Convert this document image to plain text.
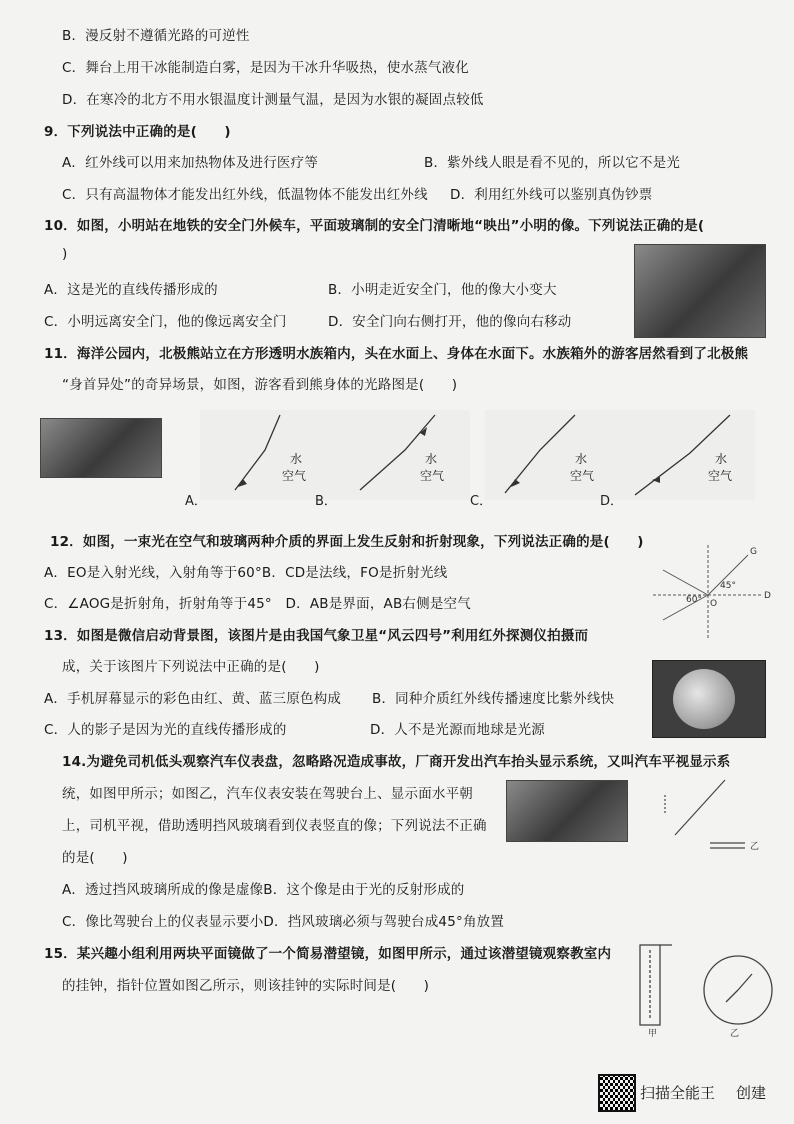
B．漫反射不遵循光路的可逆性
C．舞台上用干冰能制造白雾，是因为干冰升华吸热，使水蒸气液化
D．在寒冷的北方不用水银温度计测量气温，是因为水银的凝固点较低
9．下列说法中正确的是(　　)
A．红外线可以用来加热物体及进行医疗等	B．紫外线人眼是看不见的，所以它不是光
C．只有高温物体才能发出红外线，低温物体不能发出红外线 D．利用红外线可以鉴别真伪钞票
10．如图，小明站在地铁的安全门外候车，平面玻璃制的安全门清晰地“映出”小明的像。下列说法正确的是(
)
A．这是光的直线传播形成的	B．小明走近安全门，他的像大小变大
C．小明远离安全门，他的像远离安全门	D．安全门向右侧打开，他的像向右移动
11．海洋公园内，北极熊站立在方形透明水族箱内，头在水面上、身体在水面下。水族箱外的游客居然看到了北极熊
“身首异处”的奇异场景，如图，游客看到熊身体的光路图是(　　)
水
空气
水
空气
水
空气
水
空气
A．	B．	C．	D．
12．如图，一束光在空气和玻璃两种介质的界面上发生反射和折射现象，下列说法正确的是(　　)
A．EO是入射光线，入射角等于60°B．CD是法线，FO是折射光线
C．∠AOG是折射角，折射角等于45°　D．AB是界面，AB右侧是空气
G
D
O
45°
60°
13．如图是微信启动背景图，该图片是由我国气象卫星“风云四号”利用红外探测仪拍摄而
成，关于该图片下列说法中正确的是(　　)
A．手机屏幕显示的彩色由红、黄、蓝三原色构成 B．同种介质红外线传播速度比紫外线快
C．人的影子是因为光的直线传播形成的	D．人不是光源而地球是光源
14.为避免司机低头观察汽车仪表盘，忽略路况造成事故，厂商开发出汽车抬头显示系统，又叫汽车平视显示系
统，如图甲所示；如图乙，汽车仪表安装在驾驶台上、显示面水平朝
上，司机平视，借助透明挡风玻璃看到仪表竖直的像；下列说法不正确
的是(　　)
A．透过挡风玻璃所成的像是虚像B．这个像是由于光的反射形成的
C．像比驾驶台上的仪表显示要小D．挡风玻璃必须与驾驶台成45°角放置
乙
15．某兴趣小组利用两块平面镜做了一个简易潜望镜，如图甲所示，通过该潜望镜观察教室内
的挂钟，指针位置如图乙所示，则该挂钟的实际时间是(　　)
甲	乙
扫描全能王 创建
